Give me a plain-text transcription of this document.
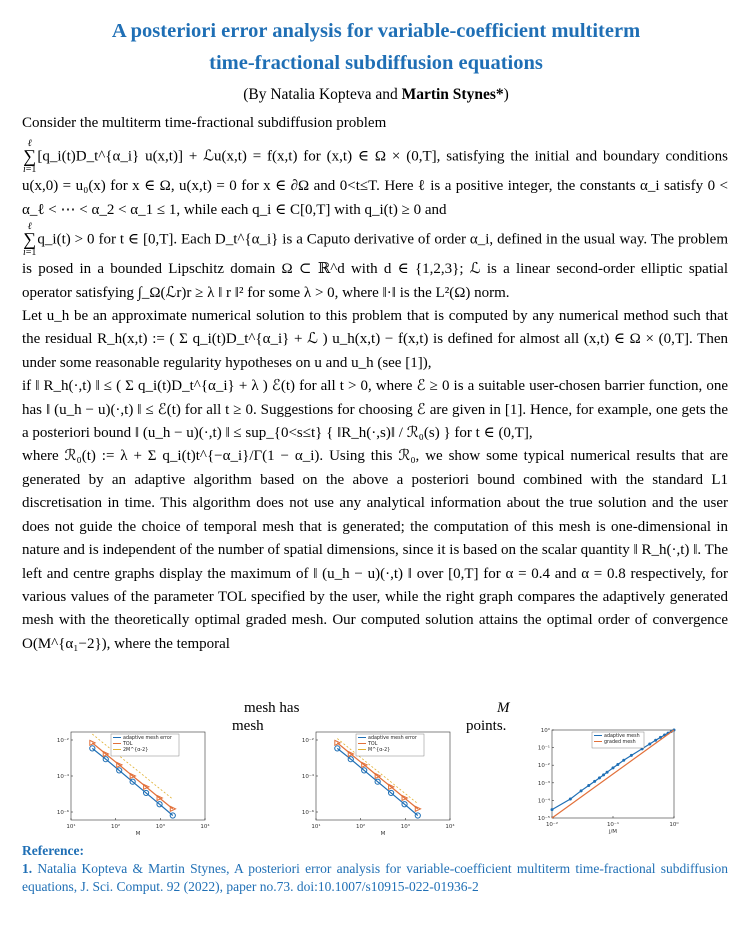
A posteriori error analysis for variable-coefficient multiterm
time-fractional subdiffusion equations
(By Natalia Kopteva and Martin Stynes*)

Consider the multiterm time-fractional subdiffusion problem

ℓ
∑
i=1[q_i(t)D_t^{α_i} u(x,t)] + ℒu(x,t) = f(x,t) for (x,t) ∈ Ω × (0,T], satisfying the initial and boundary conditions u(x,0) = u₀(x) for x ∈ Ω, u(x,t) = 0 for x ∈ ∂Ω and 0<t≤T. Here ℓ is a positive integer, the constants α_i satisfy 0 < α_ℓ < ⋯ < α_2 < α_1 ≤ 1, while each q_i ∈ C[0,T] with q_i(t) ≥ 0 and

ℓ
∑
i=1q_i(t) > 0 for t ∈ [0,T]. Each D_t^{α_i} is a Caputo derivative of order α_i, defined in the usual way. The problem is posed in a bounded Lipschitz domain Ω ⊂ ℝ^d with d ∈ {1,2,3}; ℒ is a linear second-order elliptic spatial operator satisfying ∫_Ω(ℒr)r ≥ λ ‖ r ‖² for some λ > 0, where ‖·‖ is the L²(Ω) norm.

Let u_h be an approximate numerical solution to this problem that is computed by any numerical method such that the residual R_h(x,t) := ( Σ q_i(t)D_t^{α_i} + ℒ ) u_h(x,t) − f(x,t) is defined for almost all (x,t) ∈ Ω × (0,T]. Then under some reasonable regularity hypotheses on u and u_h (see [1]),

if ‖ R_h(·,t) ‖ ≤ ( Σ q_i(t)D_t^{α_i} + λ ) ℰ(t) for all t > 0, where ℰ ≥ 0 is a suitable user-chosen barrier function, one has ‖ (u_h − u)(·,t) ‖ ≤ ℰ(t) for all t ≥ 0. Suggestions for choosing ℰ are given in [1]. Hence, for example, one gets the a posteriori bound ‖ (u_h − u)(·,t) ‖ ≤ sup_{0<s≤t} { ‖R_h(·,s)‖ / ℛ₀(s) } for t ∈ (0,T],

where ℛ₀(t) := λ + Σ q_i(t)t^{−α_i}/Γ(1 − α_i). Using this ℛ₀, we show some typical numerical results that are generated by an adaptive algorithm based on the above a posteriori bound combined with the standard L1 discretisation in time. This algorithm does not use any analytical information about the true solution and the user does not guide the choice of temporal mesh that is generated; the computation of this mesh is one-dimensional in nature and is independent of the number of spatial dimensions, since it is based on the scalar quantity ‖ R_h(·,t) ‖. The left and centre graphs display the maximum of ‖ (u_h − u)(·,t) ‖ over [0,T] for α = 0.4 and α = 0.8 respectively, for various values of the parameter TOL specified by the user, while the right graph compares the adaptively generated mesh with the theoretically optimal graded mesh. Our computed solution attains the optimal order of convergence O(M^{α₁−2}), where the temporal

mesh has
mesh
M
points.
10¹	10²	10³	10⁴
M
10⁻²
10⁻⁴
10⁻⁶
adaptive mesh error
TOL
2M^{α-2}
10¹	10²	10³	10⁴
M
10⁻²
10⁻⁴
10⁻⁶
adaptive mesh error
TOL
M^{α-2}
10⁻²	10⁻¹	10⁰
j/M
10⁰
10⁻¹
10⁻²
10⁻³
10⁻⁴
10⁻⁵
adaptive mesh
graded mesh
Reference:
1. Natalia Kopteva & Martin Stynes, A posteriori error analysis for variable-coefficient multiterm time-fractional subdiffusion equations, J. Sci. Comput. 92 (2022), paper no.73. doi:10.1007/s10915-022-01936-2
